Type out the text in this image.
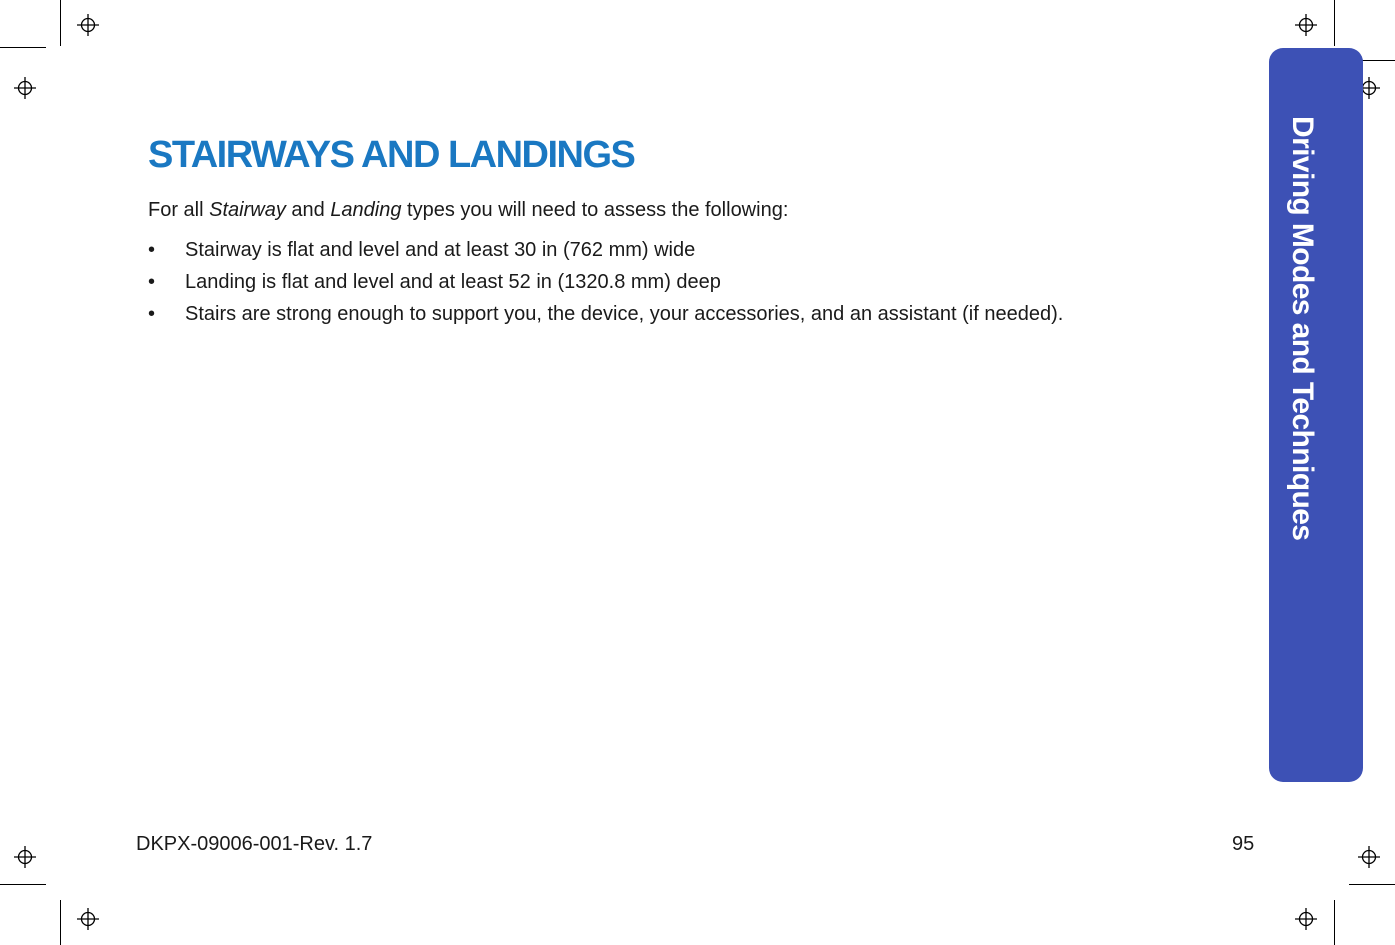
STAIRWAYS AND LANDINGS

For all Stairway and Landing types you will need to assess the following:

• Stairway is flat and level and at least 30 in (762 mm) wide
• Landing is flat and level and at least 52 in (1320.8 mm) deep
• Stairs are strong enough to support you, the device, your accessories, and an assistant (if needed).	Driving Modes and Techniques
DKPX-09006-001-Rev. 1.7	95
